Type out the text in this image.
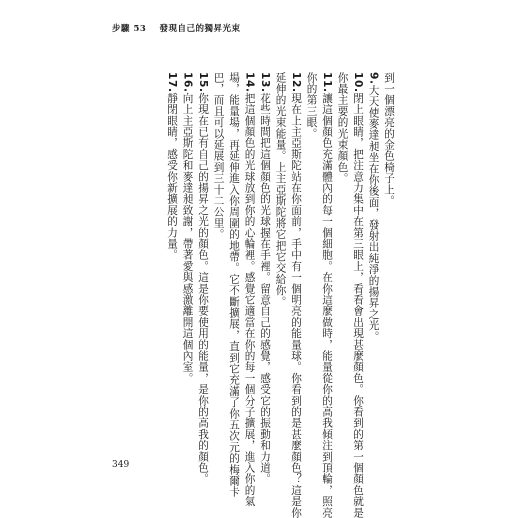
步驟 53 發現自己的獨昇光束
到一個漂亮的金色椅子上。
9.大天使麥達昶坐在你後面，發射出純淨的揚昇之光。
10.閉上眼睛，把注意力集中在第三眼上，看看會出現甚麼顏色。你看到的第一個顏色就是
你最主要的光束顏色。
11.讓這個顏色充滿體內的每一個細胞。在你這麼做時，能量從你的高我傾注到頂輪，照亮
你的第三眼。
12.現在上主亞斯陀站在你面前，手中有一個明亮的能量球。你看到的是甚麼顏色？這是你
延伸的光束能量。上主亞斯陀將它把它交給你。
13.花些時間把這個顏色的光球握在手裡。留意自己的感覺，感受它的振動和力道。
14.把這個顏色的光球放到你的心輪裡。感覺它適當在你的每一個分子擴展，進入你的氣
場，能量場，再延伸進入你周圍的地帶。它不斷擴展，直到它充滿了你五次元的梅爾卡
巴，而且可以延展到三十二公里。
15.你現在已有自己的揚昇之光的顏色。這是你要使用的能量，是你的高我的顏色。
16.向上主亞斯陀和麥達昶致謝，帶著愛與感激離開這個內室。
17.靜閉眼睛，感受你新擴展的力量。
349
